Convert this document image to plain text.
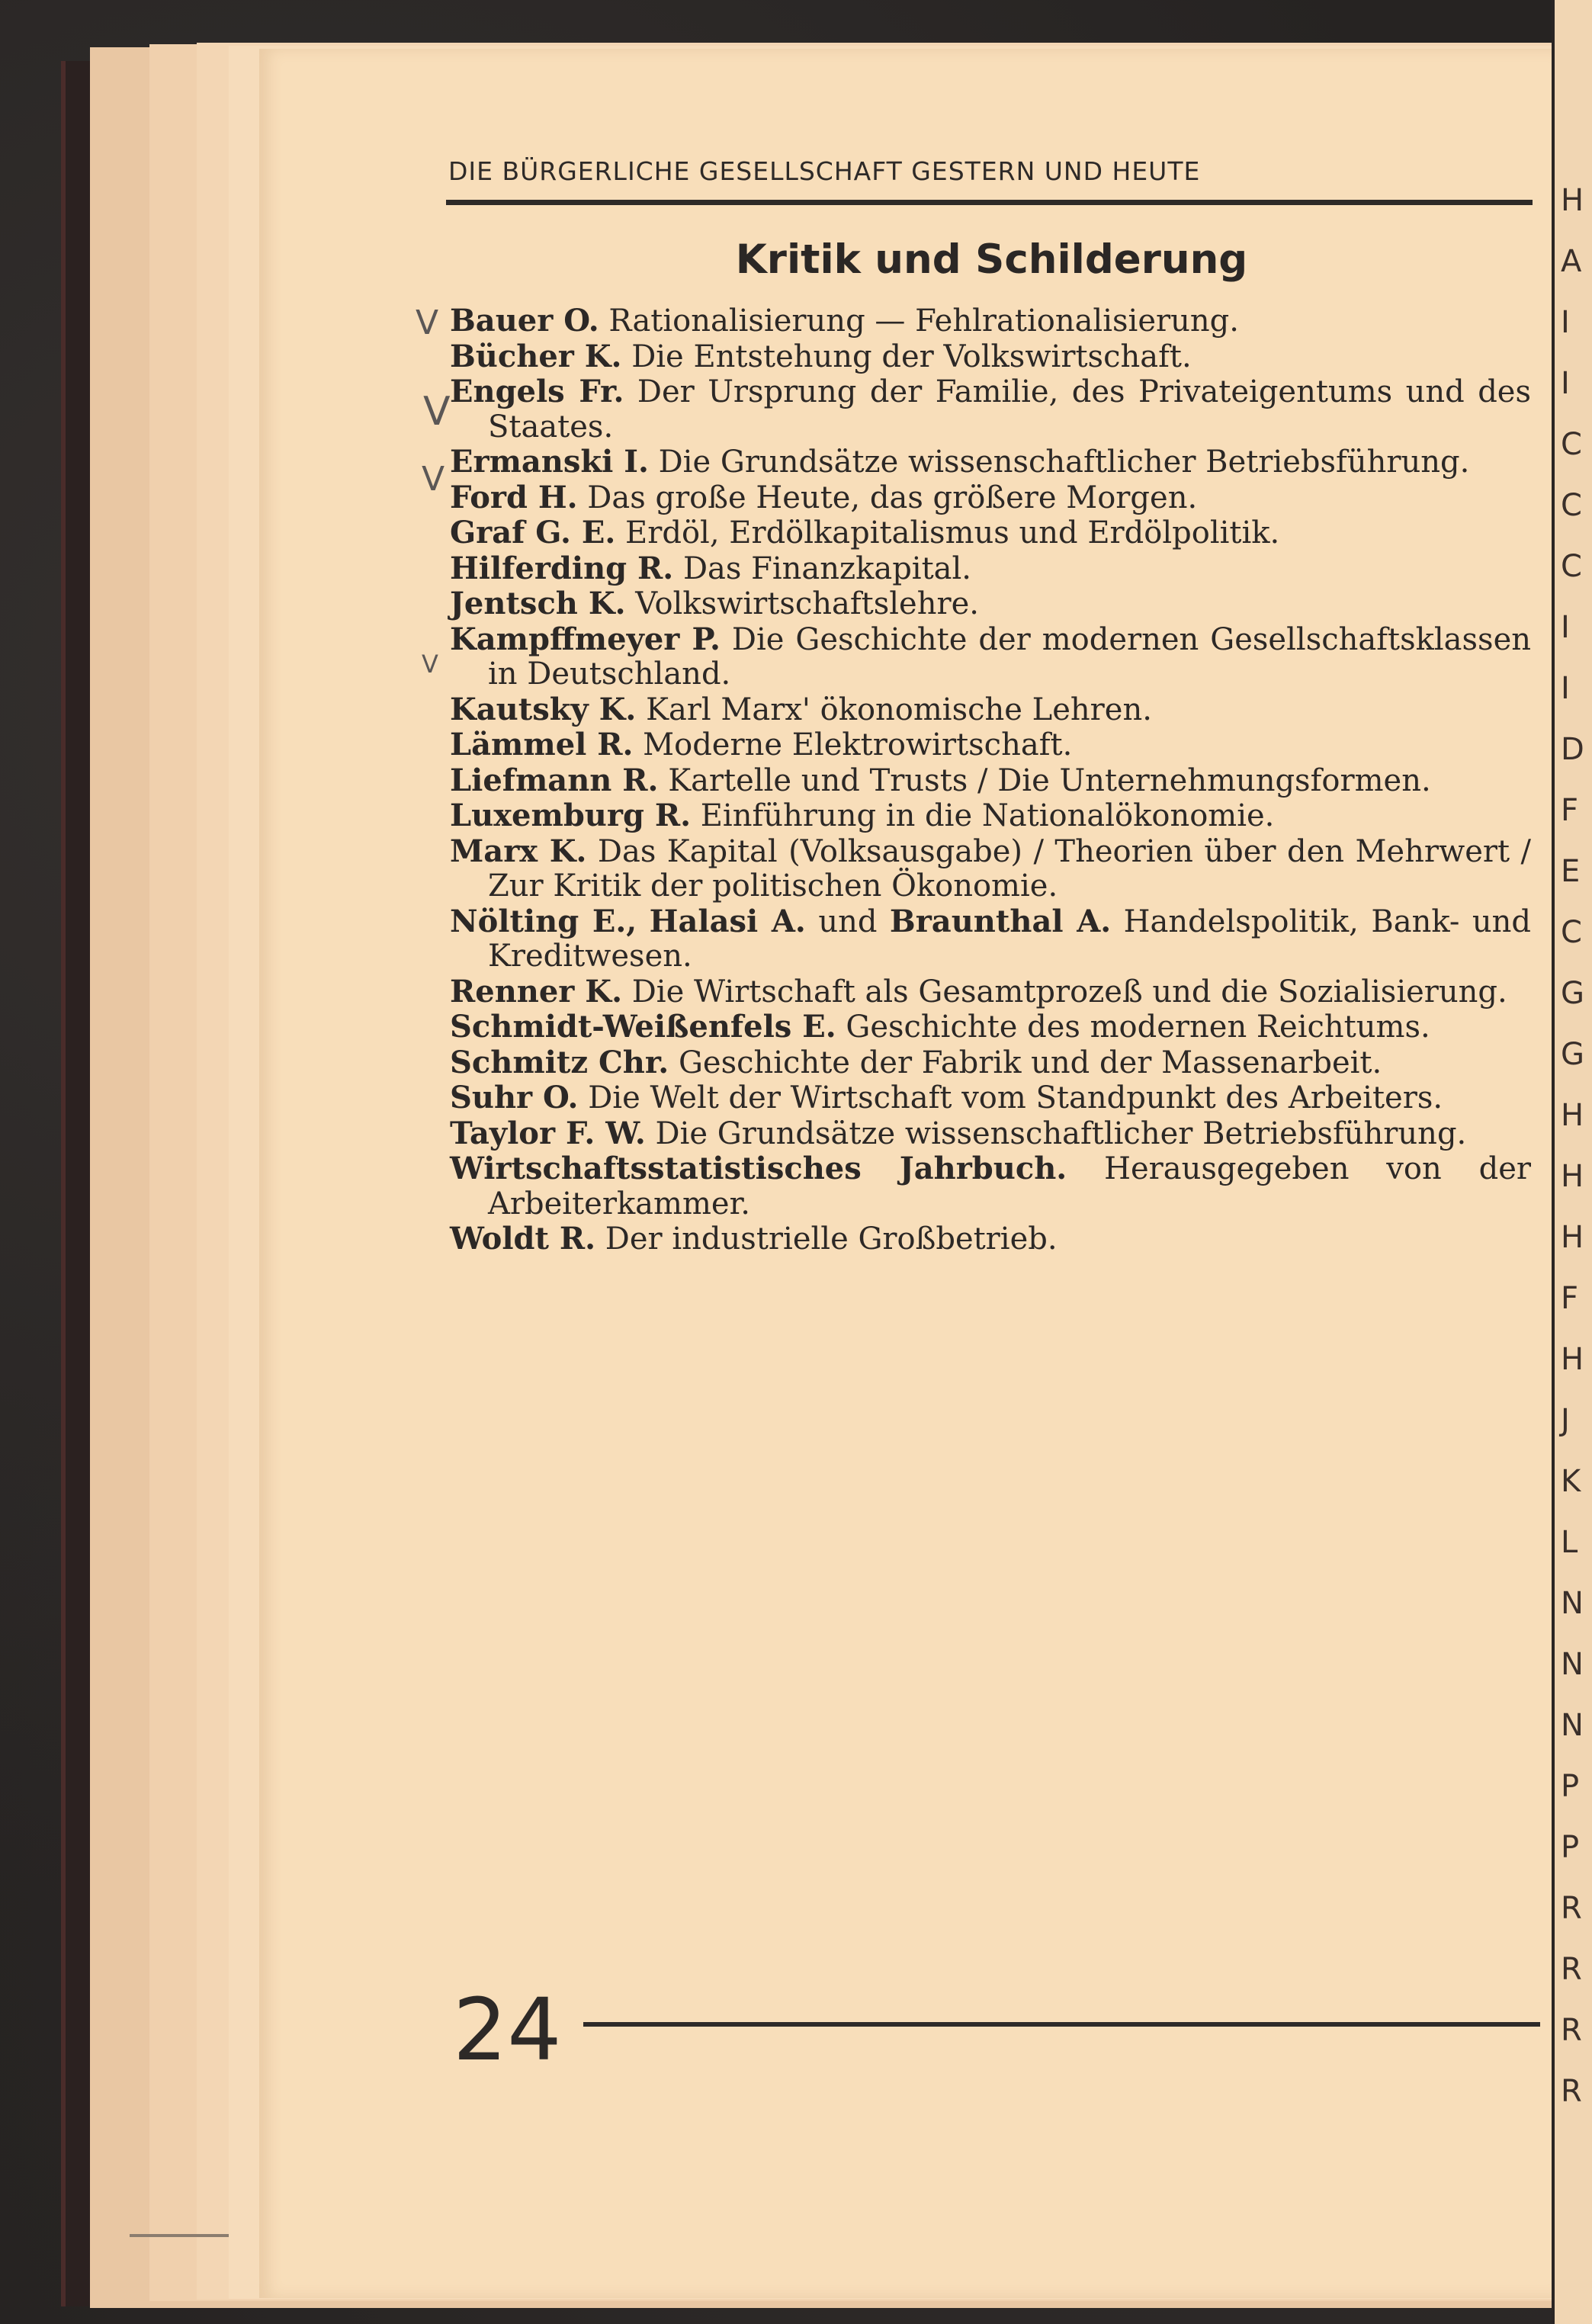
H
A
I
I
C
C
C
I
I
D
F
E
C
G
G
H
H
H
F
H
J
K
L
N
N
N
P
P
R
R
R
R
DIE BÜRGERLICHE GESELLSCHAFT GESTERN UND HEUTE
Kritik und Schilderung
V
V
V
V
Bauer O. Rationalisierung — Fehlrationalisierung.
Bücher K. Die Entstehung der Volkswirtschaft.
Engels Fr. Der Ursprung der Familie, des Privateigentums und des Staates.
Ermanski I. Die Grundsätze wissenschaftlicher Betriebsführung.
Ford H. Das große Heute, das größere Morgen.
Graf G. E. Erdöl, Erdölkapitalismus und Erdölpolitik.
Hilferding R. Das Finanzkapital.
Jentsch K. Volkswirtschaftslehre.
Kampffmeyer P. Die Geschichte der modernen Gesellschaftsklassen in Deutschland.
Kautsky K. Karl Marx' ökonomische Lehren.
Lämmel R. Moderne Elektrowirtschaft.
Liefmann R. Kartelle und Trusts / Die Unternehmungsformen.
Luxemburg R. Einführung in die Nationalökonomie.
Marx K. Das Kapital (Volksausgabe) / Theorien über den Mehrwert / Zur Kritik der politischen Ökonomie.
Nölting E., Halasi A. und Braunthal A. Handelspolitik, Bank- und Kreditwesen.
Renner K. Die Wirtschaft als Gesamtprozeß und die Sozialisierung.
Schmidt-Weißenfels E. Geschichte des modernen Reichtums.
Schmitz Chr. Geschichte der Fabrik und der Massenarbeit.
Suhr O. Die Welt der Wirtschaft vom Standpunkt des Arbeiters.
Taylor F. W. Die Grundsätze wissenschaftlicher Betriebsführung.
Wirtschaftsstatistisches Jahrbuch. Herausgegeben von der Arbeiterkammer.
Woldt R. Der industrielle Großbetrieb.
24
